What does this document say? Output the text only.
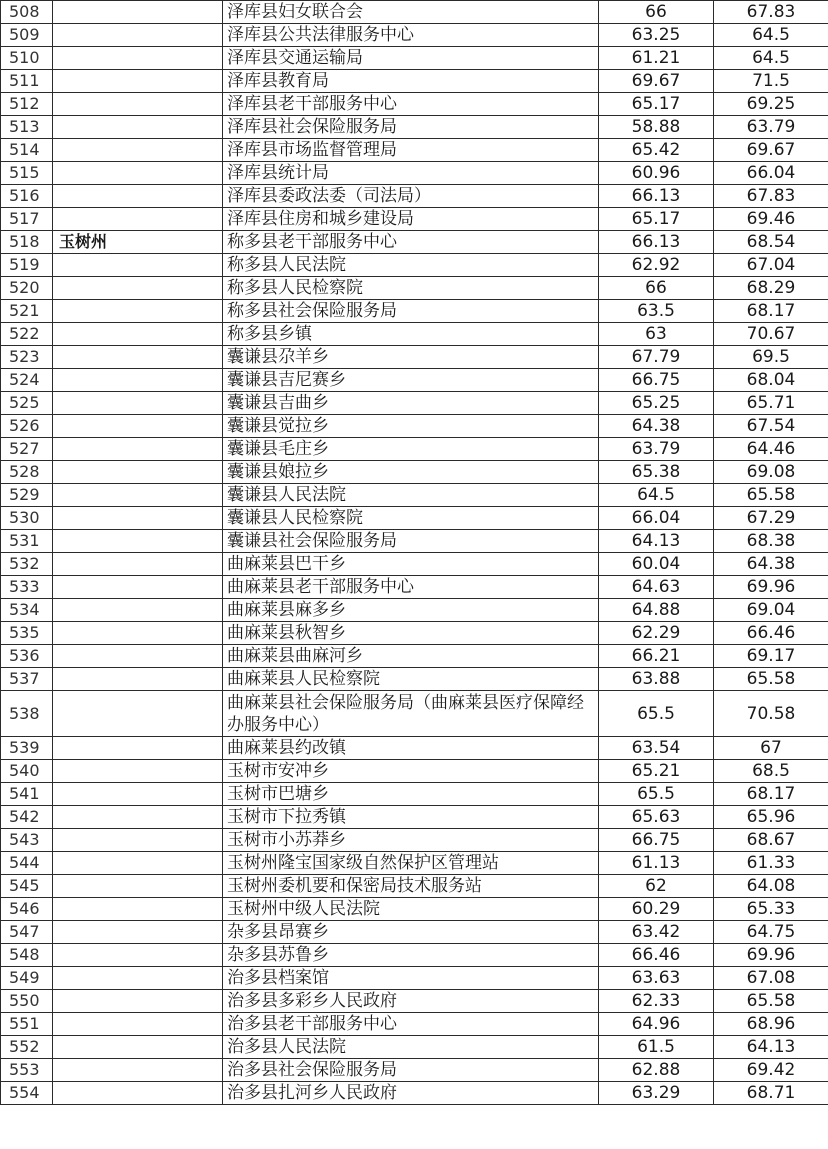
508		泽库县妇女联合会	66	67.83
509		泽库县公共法律服务中心	63.25	64.5
510		泽库县交通运输局	61.21	64.5
511		泽库县教育局	69.67	71.5
512		泽库县老干部服务中心	65.17	69.25
513		泽库县社会保险服务局	58.88	63.79
514		泽库县市场监督管理局	65.42	69.67
515		泽库县统计局	60.96	66.04
516		泽库县委政法委（司法局）	66.13	67.83
517		泽库县住房和城乡建设局	65.17	69.46
518	玉树州	称多县老干部服务中心	66.13	68.54
519		称多县人民法院	62.92	67.04
520		称多县人民检察院	66	68.29
521		称多县社会保险服务局	63.5	68.17
522		称多县乡镇	63	70.67
523		囊谦县尕羊乡	67.79	69.5
524		囊谦县吉尼赛乡	66.75	68.04
525		囊谦县吉曲乡	65.25	65.71
526		囊谦县觉拉乡	64.38	67.54
527		囊谦县毛庄乡	63.79	64.46
528		囊谦县娘拉乡	65.38	69.08
529		囊谦县人民法院	64.5	65.58
530		囊谦县人民检察院	66.04	67.29
531		囊谦县社会保险服务局	64.13	68.38
532		曲麻莱县巴干乡	60.04	64.38
533		曲麻莱县老干部服务中心	64.63	69.96
534		曲麻莱县麻多乡	64.88	69.04
535		曲麻莱县秋智乡	62.29	66.46
536		曲麻莱县曲麻河乡	66.21	69.17
537		曲麻莱县人民检察院	63.88	65.58
538		曲麻莱县社会保险服务局（曲麻莱县医疗保障经办服务中心）	65.5	70.58
539		曲麻莱县约改镇	63.54	67
540		玉树市安冲乡	65.21	68.5
541		玉树市巴塘乡	65.5	68.17
542		玉树市下拉秀镇	65.63	65.96
543		玉树市小苏莽乡	66.75	68.67
544		玉树州隆宝国家级自然保护区管理站	61.13	61.33
545		玉树州委机要和保密局技术服务站	62	64.08
546		玉树州中级人民法院	60.29	65.33
547		杂多县昂赛乡	63.42	64.75
548		杂多县苏鲁乡	66.46	69.96
549		治多县档案馆	63.63	67.08
550		治多县多彩乡人民政府	62.33	65.58
551		治多县老干部服务中心	64.96	68.96
552		治多县人民法院	61.5	64.13
553		治多县社会保险服务局	62.88	69.42
554		治多县扎河乡人民政府	63.29	68.71
